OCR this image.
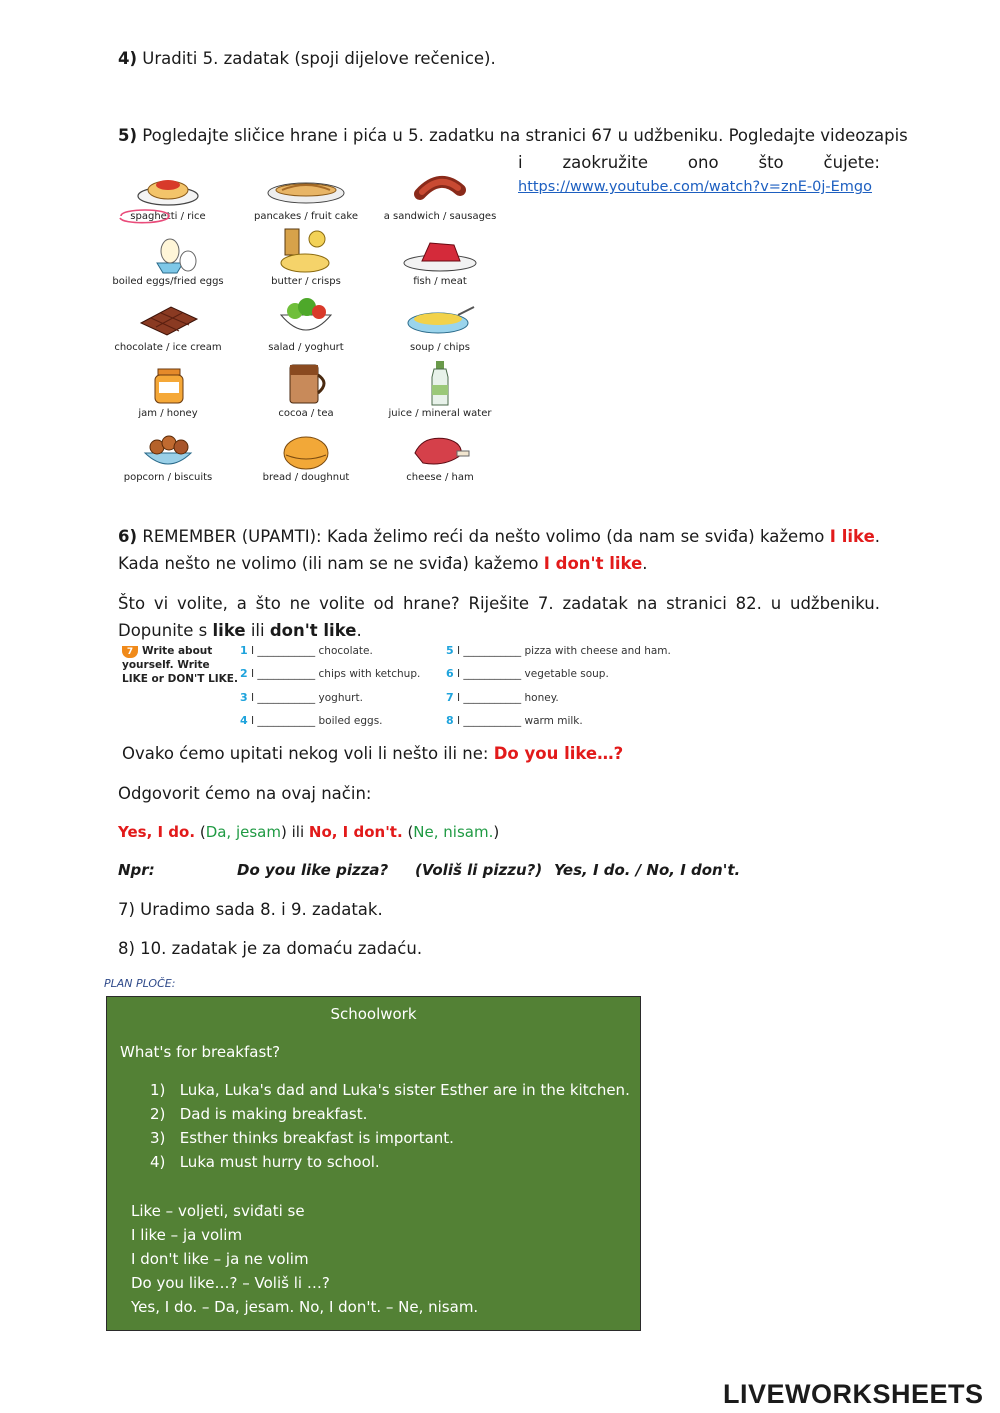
4) Uraditi 5. zadatak (spoji dijelove rečenice).
5) Pogledajte sličice hrane i pića u 5. zadatku na stranici 67 u udžbeniku. Pogledajte videozapis
i zaokružite ono što čujete:
https://www.youtube.com/watch?v=znE-0j-Emgo
spaghetti / rice	pancakes / fruit cake	a sandwich / sausages
boiled eggs/fried eggs	butter / crisps	fish / meat
chocolate / ice cream	salad / yoghurt	soup / chips
jam / honey	cocoa / tea	juice / mineral water
popcorn / biscuits	bread / doughnut	cheese / ham
6) REMEMBER (UPAMTI): Kada želimo reći da nešto volimo (da nam se sviđa) kažemo I like. Kada nešto ne volimo (ili nam se ne sviđa) kažemo I don't like.
Što vi volite, a što ne volite od hrane? Riješite 7. zadatak na stranici 82. u udžbeniku. Dopunite s like ili don't like.
7 Write about yourself. Write LIKE or DON'T LIKE.
1 I ___________ chocolate.
2 I ___________ chips with ketchup.
3 I ___________ yoghurt.
4 I ___________ boiled eggs.
5 I ___________ pizza with cheese and ham.
6 I ___________ vegetable soup.
7 I ___________ honey.
8 I ___________ warm milk.
Ovako ćemo upitati nekog voli li nešto ili ne: Do you like…?
Odgovorit ćemo na ovaj način:
Yes, I do. (Da, jesam) ili No, I don't. (Ne, nisam.)
Npr:	Do you like pizza? (Voliš li pizzu?) Yes, I do. / No, I don't.
7) Uradimo sada 8. i 9. zadatak.
8) 10. zadatak je za domaću zadaću.
PLAN PLOČE:
Schoolwork
What's for breakfast?
1) Luka, Luka's dad and Luka's sister Esther are in the kitchen.
2) Dad is making breakfast.
3) Esther thinks breakfast is important.
4) Luka must hurry to school.
Like – voljeti, sviđati se
I like – ja volim
I don't like – ja ne volim
Do you like…? – Voliš li …?
Yes, I do. – Da, jesam. No, I don't. – Ne, nisam.
LIVEWORKSHEETS
